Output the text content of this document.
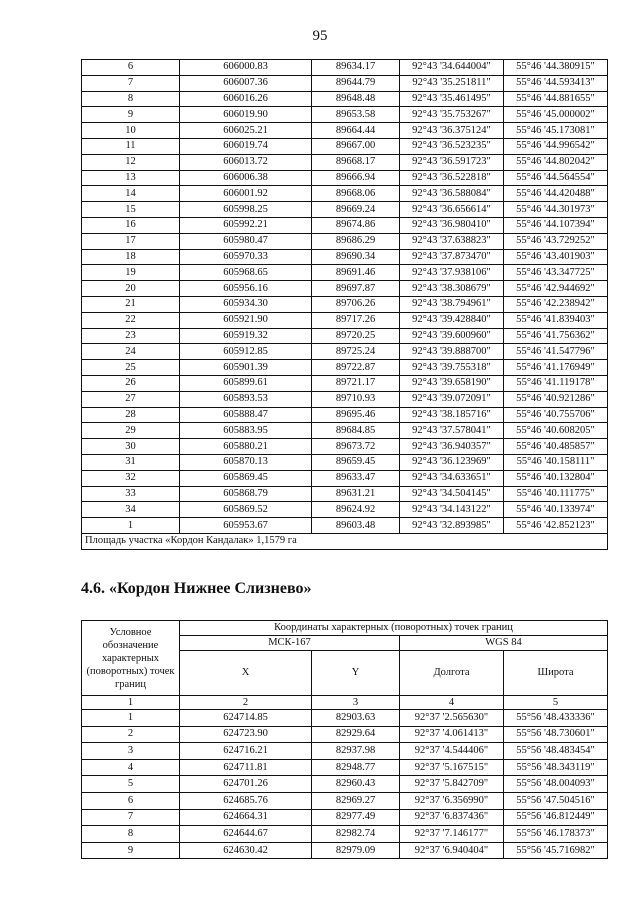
95
6	606000.83	89634.17	92°43 '34.644004"	55°46 '44.380915"
7	606007.36	89644.79	92°43 '35.251811"	55°46 '44.593413"
8	606016.26	89648.48	92°43 '35.461495"	55°46 '44.881655"
9	606019.90	89653.58	92°43 '35.753267"	55°46 '45.000002"
10	606025.21	89664.44	92°43 '36.375124"	55°46 '45.173081"
11	606019.74	89667.00	92°43 '36.523235"	55°46 '44.996542"
12	606013.72	89668.17	92°43 '36.591723"	55°46 '44.802042"
13	606006.38	89666.94	92°43 '36.522818"	55°46 '44.564554"
14	606001.92	89668.06	92°43 '36.588084"	55°46 '44.420488"
15	605998.25	89669.24	92°43 '36.656614"	55°46 '44.301973"
16	605992.21	89674.86	92°43 '36.980410"	55°46 '44.107394"
17	605980.47	89686.29	92°43 '37.638823"	55°46 '43.729252"
18	605970.33	89690.34	92°43 '37.873470"	55°46 '43.401903"
19	605968.65	89691.46	92°43 '37.938106"	55°46 '43.347725"
20	605956.16	89697.87	92°43 '38.308679"	55°46 '42.944692"
21	605934.30	89706.26	92°43 '38.794961"	55°46 '42.238942"
22	605921.90	89717.26	92°43 '39.428840"	55°46 '41.839403"
23	605919.32	89720.25	92°43 '39.600960"	55°46 '41.756362"
24	605912.85	89725.24	92°43 '39.888700"	55°46 '41.547796"
25	605901.39	89722.87	92°43 '39.755318"	55°46 '41.176949"
26	605899.61	89721.17	92°43 '39.658190"	55°46 '41.119178"
27	605893.53	89710.93	92°43 '39.072091"	55°46 '40.921286"
28	605888.47	89695.46	92°43 '38.185716"	55°46 '40.755706"
29	605883.95	89684.85	92°43 '37.578041"	55°46 '40.608205"
30	605880.21	89673.72	92°43 '36.940357"	55°46 '40.485857"
31	605870.13	89659.45	92°43 '36.123969"	55°46 '40.158111"
32	605869.45	89633.47	92°43 '34.633651"	55°46 '40.132804"
33	605868.79	89631.21	92°43 '34.504145"	55°46 '40.111775"
34	605869.52	89624.92	92°43 '34.143122"	55°46 '40.133974"
1	605953.67	89603.48	92°43 '32.893985"	55°46 '42.852123"
Площадь участка «Кордон Кандалак» 1,1579 га				
4.6. «Кордон Нижнее Слизнево»
Условное обозначение характерных (поворотных) точек границ	Координаты характерных (поворотных) точек границ			
	МСК-167		WGS 84	
	X	Y	Долгота	Широта
1	2	3	4	5
1	624714.85	82903.63	92°37 '2.565630"	55°56 '48.433336"
2	624723.90	82929.64	92°37 '4.061413"	55°56 '48.730601"
3	624716.21	82937.98	92°37 '4.544406"	55°56 '48.483454"
4	624711.81	82948.77	92°37 '5.167515"	55°56 '48.343119"
5	624701.26	82960.43	92°37 '5.842709"	55°56 '48.004093"
6	624685.76	82969.27	92°37 '6.356990"	55°56 '47.504516"
7	624664.31	82977.49	92°37 '6.837436"	55°56 '46.812449"
8	624644.67	82982.74	92°37 '7.146177"	55°56 '46.178373"
9	624630.42	82979.09	92°37 '6.940404"	55°56 '45.716982"
